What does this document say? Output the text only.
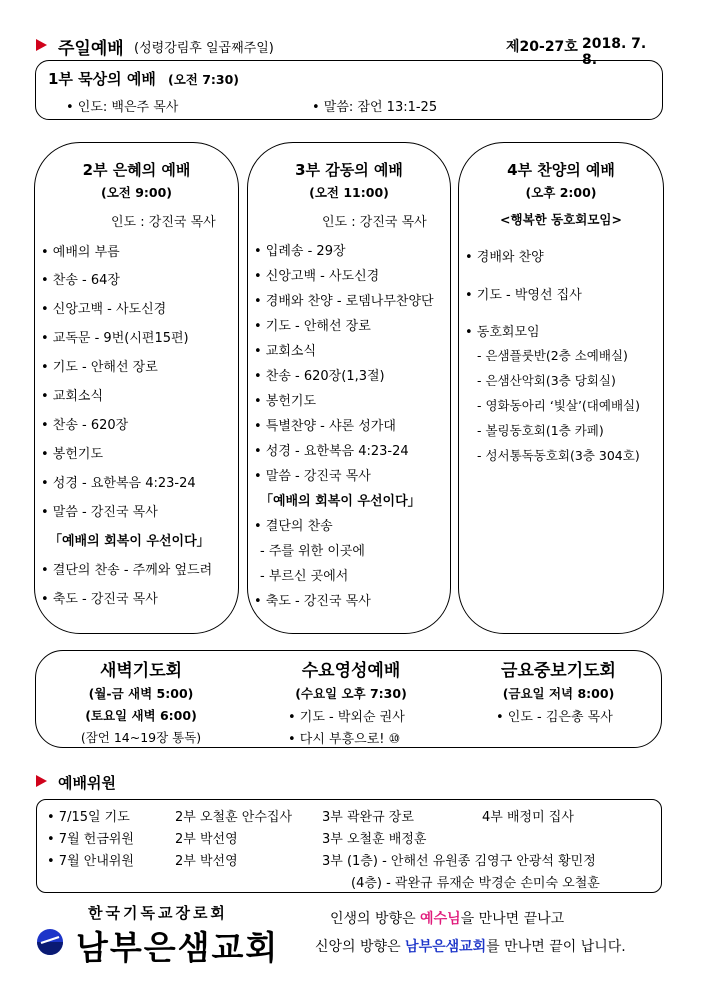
주일예배 (성령강림후 일곱째주일)	제20-27호 2018. 7. 8.
1부 묵상의 예배 (오전 7:30)
• 인도: 백은주 목사	• 말씀: 잠언 13:1-25
2부 은혜의 예배
(오전 9:00)
인도 : 강진국 목사
• 예배의 부름
• 찬송 - 64장
• 신앙고백 - 사도신경
• 교독문 - 9번(시편15편)
• 기도 - 안해선 장로
• 교회소식
• 찬송 - 620장
• 봉헌기도
• 성경 - 요한복음 4:23-24
• 말씀 - 강진국 목사
「예배의 회복이 우선이다」
• 결단의 찬송 - 주께와 엎드려
• 축도 - 강진국 목사
3부 감동의 예배
(오전 11:00)
인도 : 강진국 목사
• 입례송 - 29장
• 신앙고백 - 사도신경
• 경배와 찬양 - 로뎀나무찬양단
• 기도 - 안해선 장로
• 교회소식
• 찬송 - 620장(1,3절)
• 봉헌기도
• 특별찬양 - 샤론 성가대
• 성경 - 요한복음 4:23-24
• 말씀 - 강진국 목사
「예배의 회복이 우선이다」
• 결단의 찬송
- 주를 위한 이곳에
- 부르신 곳에서
• 축도 - 강진국 목사
4부 찬양의 예배
(오후 2:00)
<행복한 동호회모임>
• 경배와 찬양
• 기도 - 박영선 집사
• 동호회모임
- 은샘플룻반(2층 소예배실)
- 은샘산악회(3층 당회실)
- 영화동아리 ‘빛살’(대예배실)
- 볼링동호회(1층 카페)
- 성서통독동호회(3층 304호)
새벽기도회
(월-금 새벽 5:00)
(토요일 새벽 6:00)
(잠언 14~19장 통독)
수요영성예배
(수요일 오후 7:30)
• 기도 - 박외순 권사
• 다시 부흥으로! ⑩
금요중보기도회
(금요일 저녁 8:00)
• 인도 - 김은총 목사
예배위원
• 7/15일 기도	2부 오철훈 안수집사 3부 곽완규 장로	4부 배정미 집사
• 7월 헌금위원	2부 박선영	3부 오철훈 배정훈
• 7월 안내위원	2부 박선영	3부 (1층) - 안해선 유원종 김영구 안광석 황민정
(4층) - 곽완규 류재순 박경순 손미숙 오철훈
한국기독교장로회
남부은샘교회
인생의 방향은 예수님을 만나면 끝나고
신앙의 방향은 남부은샘교회를 만나면 끝이 납니다.
